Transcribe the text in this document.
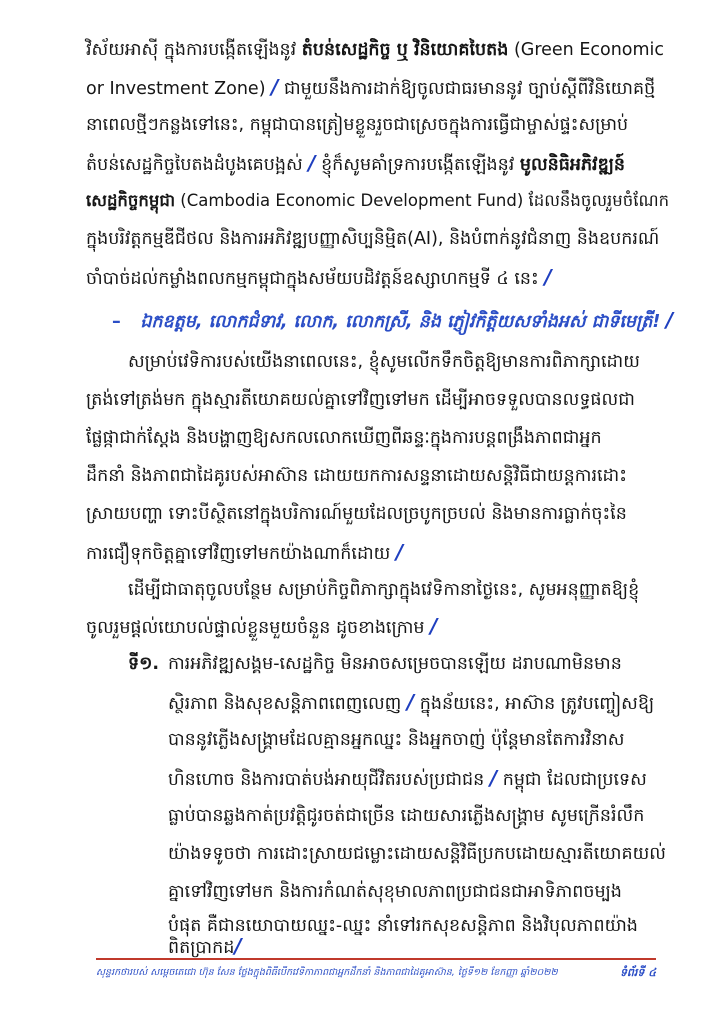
វិស័យអាស៊ី ក្នុងការបង្កើតឡើងនូវ តំបន់សេដ្ឋកិច្ច ឬ វិនិយោគបៃតង (Green Economic
or Investment Zone) / ជាមួយនឹងការដាក់ឱ្យចូលជាធរមាននូវ ច្បាប់ស្តីពីវិនិយោគថ្មី
នាពេលថ្មីៗកន្លងទៅនេះ, កម្ពុជាបានត្រៀមខ្លួនរួចជាស្រេចក្នុងការធ្វើជាម្ចាស់ផ្ទះសម្រាប់
តំបន់សេដ្ឋកិច្ចបៃតងដំបូងគេបង្អស់ / ខ្ញុំក៏សូមគាំទ្រការបង្កើតឡើងនូវ មូលនិធិអភិវឌ្ឍន៍
សេដ្ឋកិច្ចកម្ពុជា (Cambodia Economic Development Fund) ដែលនឹងចូលរួមចំណែក
ក្នុងបរិវត្តកម្មឌីជីថល និងការអភិវឌ្ឍបញ្ញាសិប្បនិម្មិត(AI), និងបំពាក់នូវជំនាញ និងឧបករណ៍
ចាំបាច់ដល់កម្លាំងពលកម្មកម្ពុជាក្នុងសម័យបដិវត្តន៍ឧស្សាហកម្មទី ៤ នេះ /
– ឯកឧត្តម, លោកជំទាវ, លោក, លោកស្រី, និង ភ្ញៀវកិត្តិយសទាំងអស់ ជាទីមេត្រី! /
សម្រាប់វេទិការបស់យើងនាពេលនេះ, ខ្ញុំសូមលើកទឹកចិត្តឱ្យមានការពិភាក្សាដោយ
ត្រង់ទៅត្រង់មក ក្នុងស្មារតីយោគយល់គ្នាទៅវិញទៅមក ដើម្បីអាចទទួលបានលទ្ធផលជា
ផ្លែផ្កាជាក់ស្តែង និងបង្ហាញឱ្យសកលលោកឃើញពីឆន្ទៈក្នុងការបន្តពង្រឹងភាពជាអ្នក
ដឹកនាំ និងភាពជាដៃគូរបស់អាស៊ាន ដោយយកការសន្ទនាដោយសន្តិវិធីជាយន្តការដោះ
ស្រាយបញ្ហា ទោះបីស្ថិតនៅក្នុងបរិការណ៍មួយដែលច្របូកច្របល់ និងមានការធ្លាក់ចុះនៃ
ការជឿទុកចិត្តគ្នាទៅវិញទៅមកយ៉ាងណាក៏ដោយ /
ដើម្បីជាធាតុចូលបន្ថែម សម្រាប់កិច្ចពិភាក្សាក្នុងវេទិកានាថ្ងៃនេះ, សូមអនុញ្ញាតឱ្យខ្ញុំ
ចូលរួមផ្តល់យោបល់ផ្ទាល់ខ្លួនមួយចំនួន ដូចខាងក្រោម /
ទី១. ការអភិវឌ្ឍសង្គម-សេដ្ឋកិច្ច មិនអាចសម្រេចបានឡើយ ដរាបណាមិនមាន
ស្ថិរភាព និងសុខសន្តិភាពពេញលេញ / ក្នុងន័យនេះ, អាស៊ាន ត្រូវបញ្ចៀសឱ្យ
បាននូវភ្លើងសង្គ្រាមដែលគ្មានអ្នកឈ្នះ និងអ្នកចាញ់ ប៉ុន្តែមានតែការវិនាស
ហិនហោច និងការបាត់បង់អាយុជីវិតរបស់ប្រជាជន / កម្ពុជា ដែលជាប្រទេស
ធ្លាប់បានឆ្លងកាត់ប្រវត្តិជូរចត់ជាច្រើន ដោយសារភ្លើងសង្គ្រាម សូមក្រើនរំលឹក
យ៉ាងទទូចថា ការដោះស្រាយជម្លោះដោយសន្តិវិធីប្រកបដោយស្មារតីយោគយល់
គ្នាទៅវិញទៅមក និងការកំណត់សុខុមាលភាពប្រជាជនជាអាទិភាពចម្បង
បំផុត គឺជានយោបាយឈ្នះ-ឈ្នះ នាំទៅរកសុខសន្តិភាព និងវិបុលភាពយ៉ាង
ពិតប្រាកដ/
សុន្ទរកថារបស់ សម្តេចតេជោ ហ៊ុន សែន ថ្លែងក្នុងពិធីបើកវេទិកាភាពជាអ្នកដឹកនាំ និងភាពជាដៃគូអាស៊ាន, ថ្ងៃទី១២ ខែកញ្ញា ឆ្នាំ២០២២	ទំព័រទី ៤
